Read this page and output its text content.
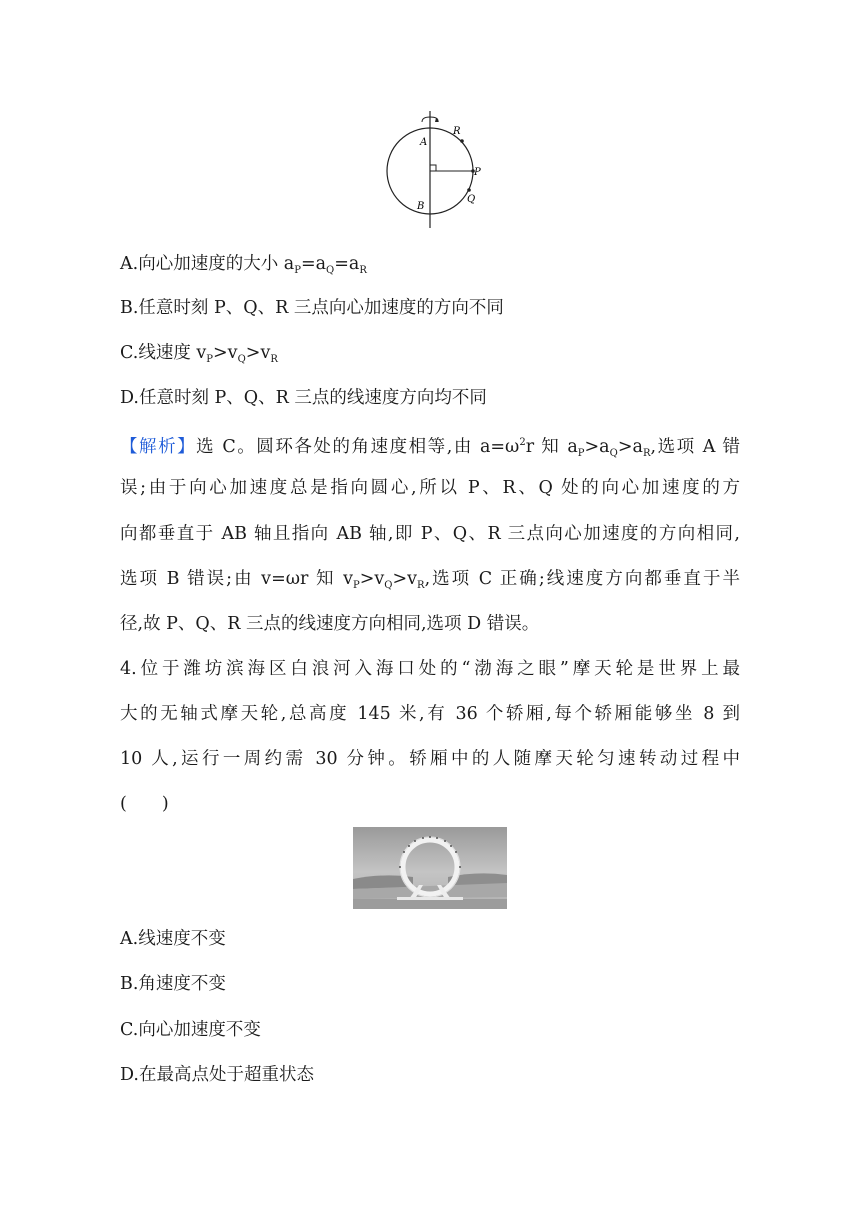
R
A
P
Q
B
A.向心加速度的大小 $a_P=a_Q=a_R$
B.任意时刻 P、Q、R 三点向心加速度的方向不同
C.线速度 $v_P>v_Q>v_R$
D.任意时刻 P、Q、R 三点的线速度方向均不同
【解析】选 C。圆环各处的角速度相等,由 $a=\omega^2r$ 知 $a_P>a_Q>a_R$,选项 A 错
误;由于向心加速度总是指向圆心,所以 P、R、Q 处的向心加速度的方
向都垂直于 AB 轴且指向 AB 轴,即 P、Q、R 三点向心加速度的方向相同,
选项 B 错误;由 v=ωr 知 $v_P>v_Q>v_R$,选项 C 正确;线速度方向都垂直于半
径,故 P、Q、R 三点的线速度方向相同,选项 D 错误。
4.位于潍坊滨海区白浪河入海口处的“渤海之眼”摩天轮是世界上最
大的无轴式摩天轮,总高度 145 米,有 36 个轿厢,每个轿厢能够坐 8 到
10 人,运行一周约需 30 分钟。轿厢中的人随摩天轮匀速转动过程中
(　　)
A.线速度不变
B.角速度不变
C.向心加速度不变
D.在最高点处于超重状态
